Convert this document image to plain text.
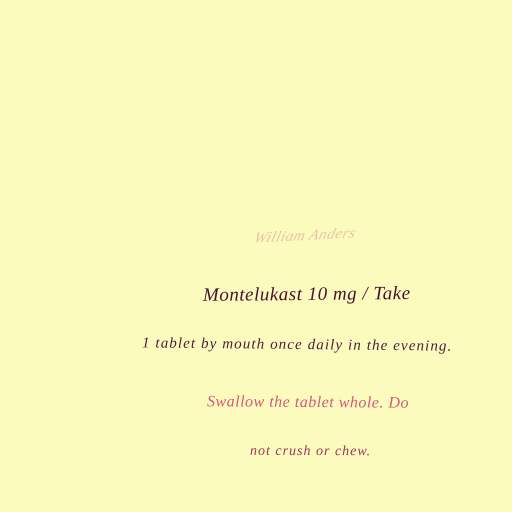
William Anders
Montelukast 10 mg / Take
1 tablet by mouth once daily in the evening.
Swallow the tablet whole. Do
not crush or chew.
